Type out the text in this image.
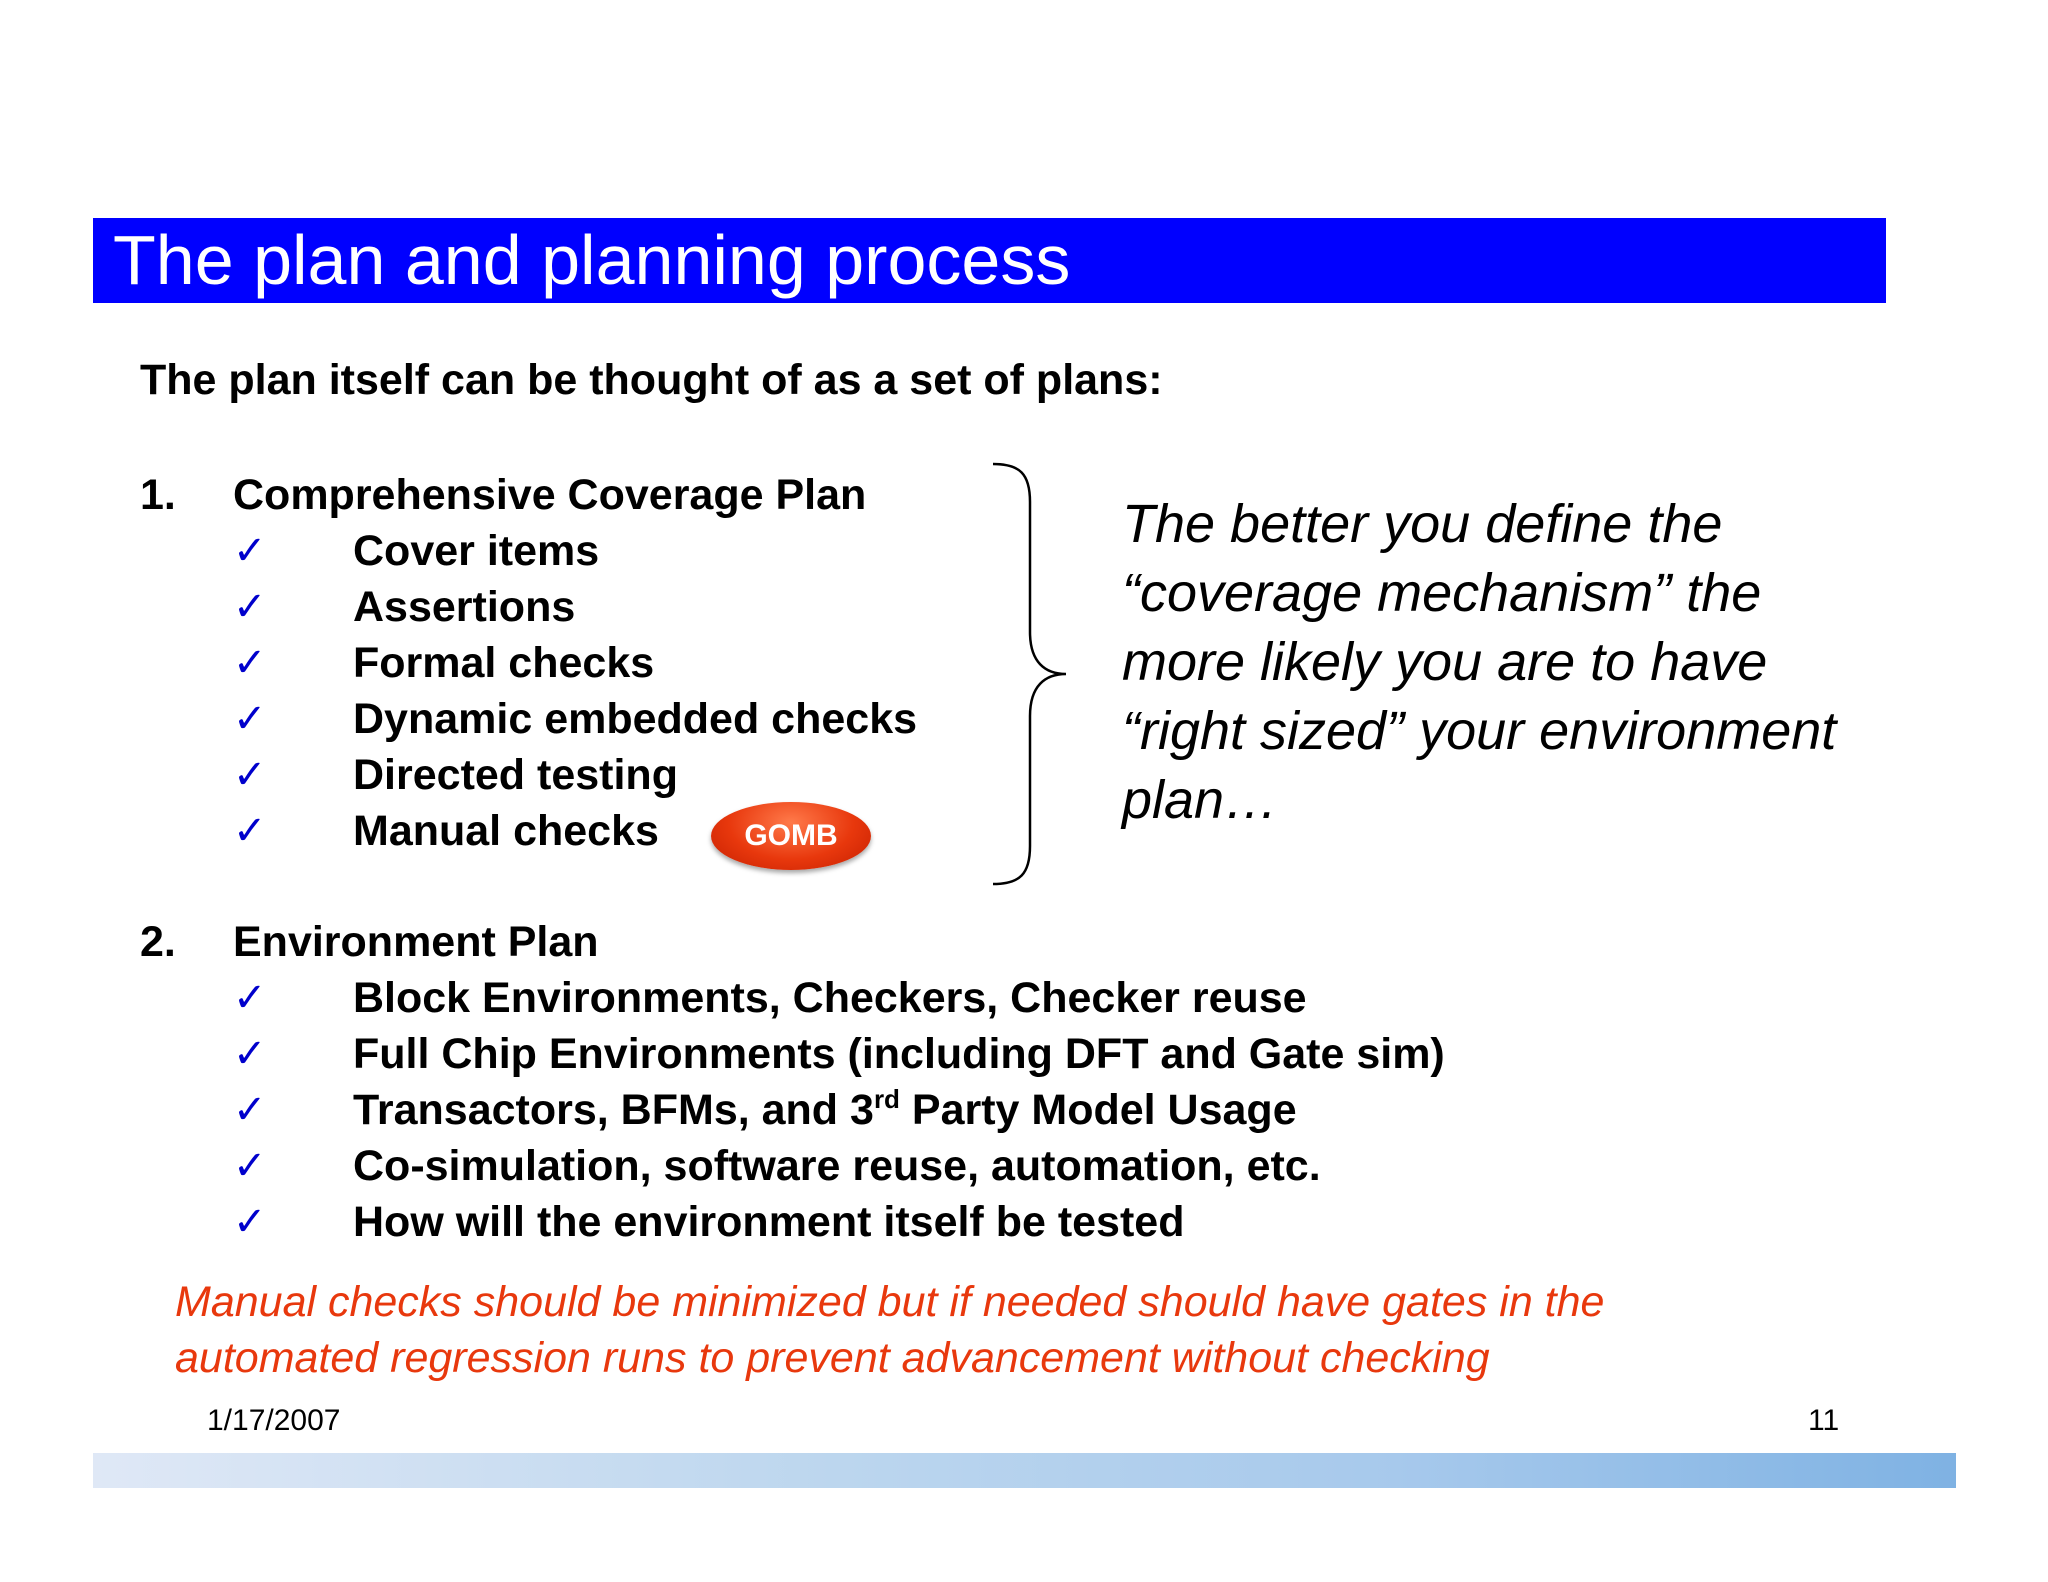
The plan and planning process
The plan itself can be thought of as a set of plans:
1. Comprehensive Coverage Plan
✓ Cover items
✓ Assertions
✓ Formal checks
✓ Dynamic embedded checks
✓ Directed testing
✓ Manual checks	GOMB
The better you define the
“coverage mechanism” the
more likely you are to have
“right sized” your environment
plan…
2. Environment Plan
✓ Block Environments, Checkers, Checker reuse
✓ Full Chip Environments (including DFT and Gate sim)
✓ Transactors, BFMs, and 3rd Party Model Usage
✓ Co-simulation, software reuse, automation, etc.
✓ How will the environment itself be tested
Manual checks should be minimized but if needed should have gates in the
automated regression runs to prevent advancement without checking
1/17/2007	11
